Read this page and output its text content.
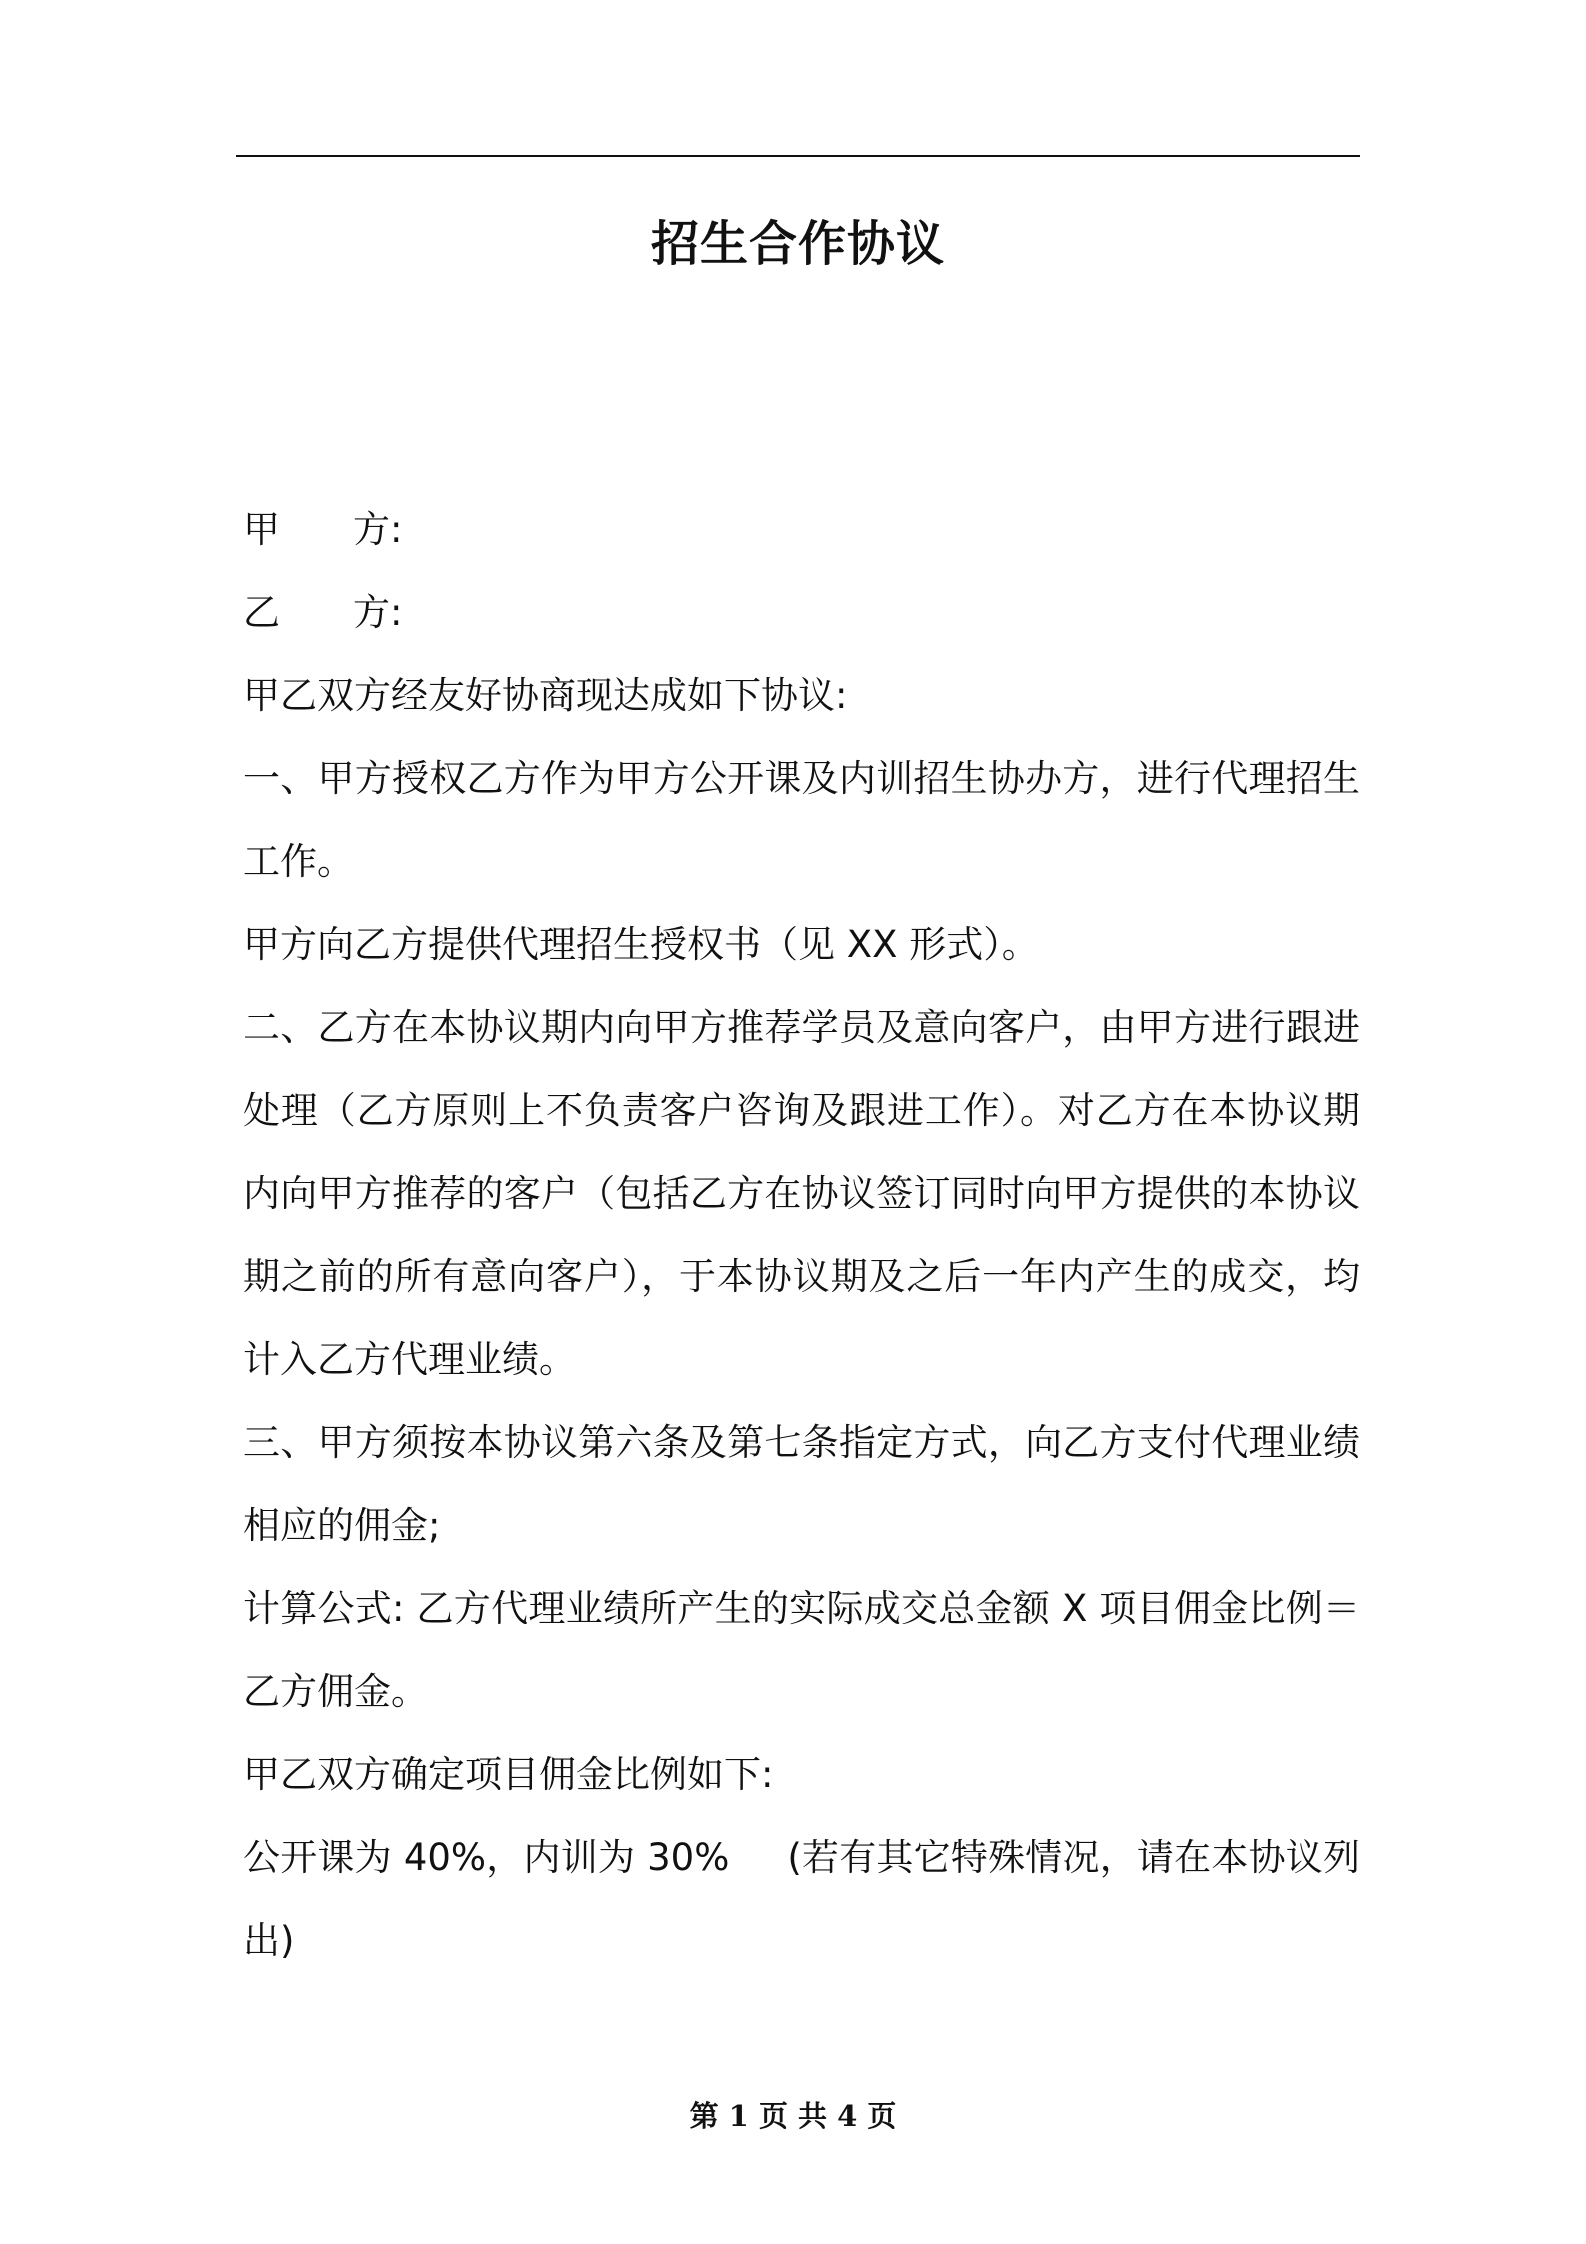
招生合作协议

甲 方:

乙 方:

甲乙双方经友好协商现达成如下协议:

一、甲方授权乙方作为甲方公开课及内训招生协办方，进行代理招生工作。

甲方向乙方提供代理招生授权书（见 XX 形式）。

二、乙方在本协议期内向甲方推荐学员及意向客户，由甲方进行跟进处理（乙方原则上不负责客户咨询及跟进工作）。对乙方在本协议期内向甲方推荐的客户（包括乙方在协议签订同时向甲方提供的本协议期之前的所有意向客户），于本协议期及之后一年内产生的成交，均计入乙方代理业绩。

三、甲方须按本协议第六条及第七条指定方式，向乙方支付代理业绩相应的佣金;

计算公式: 乙方代理业绩所产生的实际成交总金额 X 项目佣金比例＝乙方佣金。

甲乙双方确定项目佣金比例如下:

公开课为 40%，内训为 30% (若有其它特殊情况，请在本协议列出)

第 1 页 共 4 页
